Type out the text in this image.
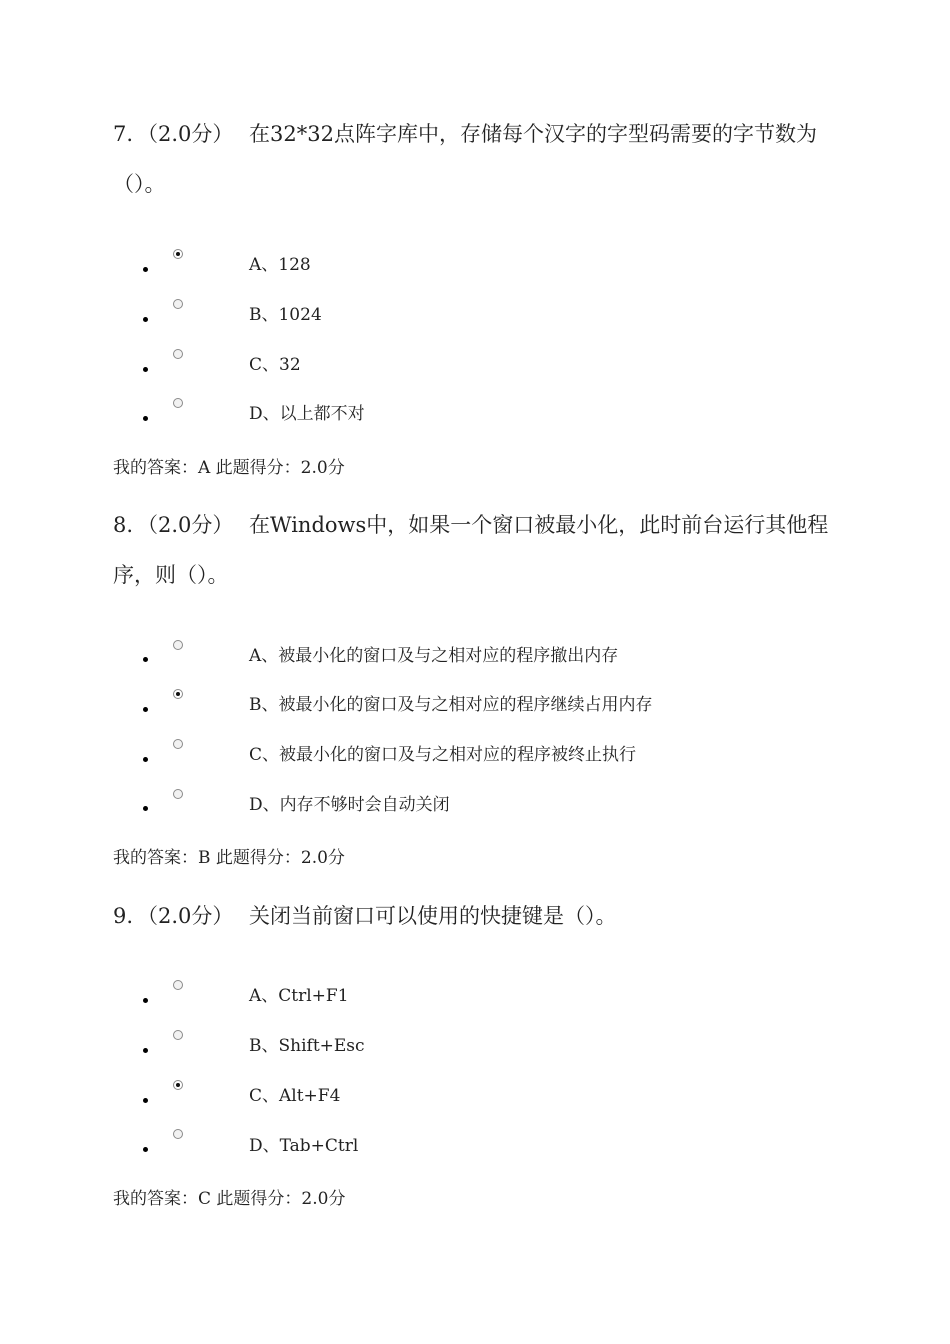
7. （2.0分） 在32*32点阵字库中，存储每个汉字的字型码需要的字节数为
（）。
A、128
B、1024
C、32
D、以上都不对
我的答案：A 此题得分：2.0分
8. （2.0分） 在Windows中，如果一个窗口被最小化，此时前台运行其他程
序，则（）。
A、被最小化的窗口及与之相对应的程序撤出内存
B、被最小化的窗口及与之相对应的程序继续占用内存
C、被最小化的窗口及与之相对应的程序被终止执行
D、内存不够时会自动关闭
我的答案：B 此题得分：2.0分
9. （2.0分） 关闭当前窗口可以使用的快捷键是（）。
A、Ctrl+F1
B、Shift+Esc
C、Alt+F4
D、Tab+Ctrl
我的答案：C 此题得分：2.0分
